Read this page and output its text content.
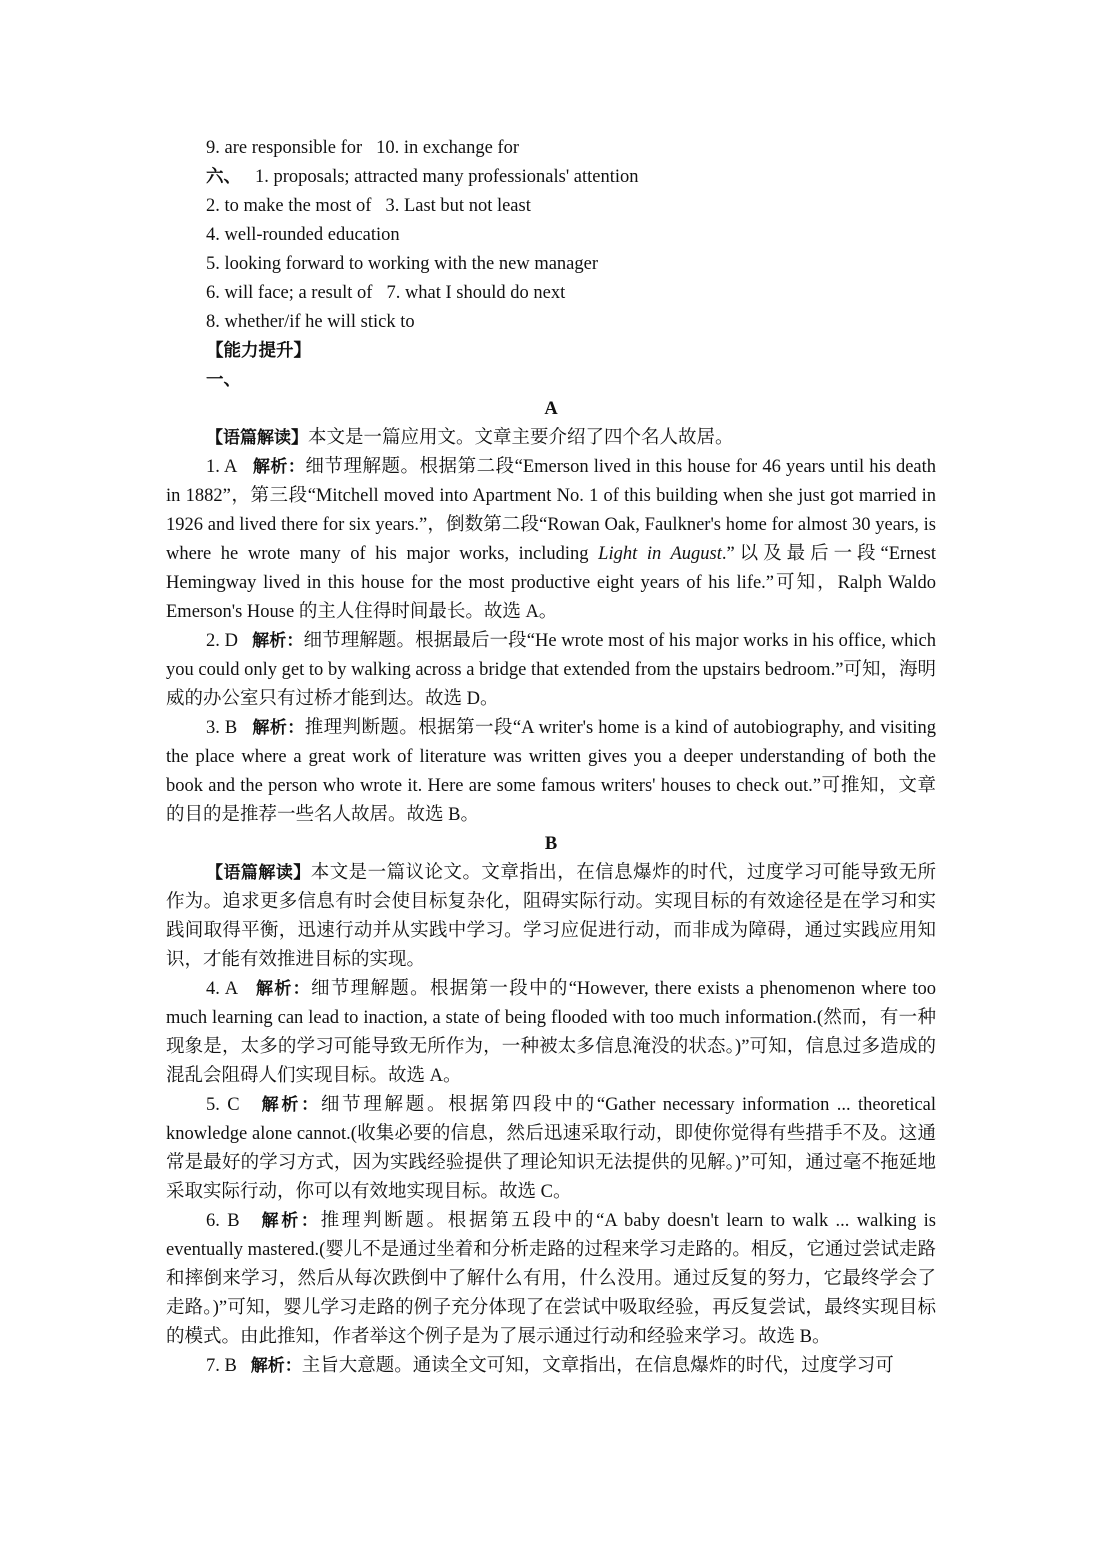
9. are responsible for 10. in exchange for
六、 1. proposals; attracted many professionals' attention
2. to make the most of 3. Last but not least
4. well-rounded education
5. looking forward to working with the new manager
6. will face; a result of 7. what I should do next
8. whether/if he will stick to
【能力提升】
一、
A

【语篇解读】本文是一篇应用文。文章主要介绍了四个名人故居。

1. A 解析：细节理解题。根据第二段“Emerson lived in this house for 46 years until his death in 1882”，第三段“Mitchell moved into Apartment No. 1 of this building when she just got married in 1926 and lived there for six years.”，倒数第二段“Rowan Oak, Faulkner's home for almost 30 years, is where he wrote many of his major works, including Light in August.”以及最后一段“Ernest Hemingway lived in this house for the most productive eight years of his life.”可知，Ralph Waldo Emerson's House 的主人住得时间最长。故选 A。

2. D 解析：细节理解题。根据最后一段“He wrote most of his major works in his office, which you could only get to by walking across a bridge that extended from the upstairs bedroom.”可知，海明威的办公室只有过桥才能到达。故选 D。

3. B 解析：推理判断题。根据第一段“A writer's home is a kind of autobiography, and visiting the place where a great work of literature was written gives you a deeper understanding of both the book and the person who wrote it. Here are some famous writers' houses to check out.”可推知，文章的目的是推荐一些名人故居。故选 B。

B

【语篇解读】本文是一篇议论文。文章指出，在信息爆炸的时代，过度学习可能导致无所作为。追求更多信息有时会使目标复杂化，阻碍实际行动。实现目标的有效途径是在学习和实践间取得平衡，迅速行动并从实践中学习。学习应促进行动，而非成为障碍，通过实践应用知识，才能有效推进目标的实现。

4. A 解析：细节理解题。根据第一段中的“However, there exists a phenomenon where too much learning can lead to inaction, a state of being flooded with too much information.(然而，有一种现象是，太多的学习可能导致无所作为，一种被太多信息淹没的状态。)”可知，信息过多造成的混乱会阻碍人们实现目标。故选 A。

5. C 解析：细节理解题。根据第四段中的“Gather necessary information ... theoretical knowledge alone cannot.(收集必要的信息，然后迅速采取行动，即使你觉得有些措手不及。这通常是最好的学习方式，因为实践经验提供了理论知识无法提供的见解。)”可知，通过毫不拖延地采取实际行动，你可以有效地实现目标。故选 C。

6. B 解析：推理判断题。根据第五段中的“A baby doesn't learn to walk ... walking is eventually mastered.(婴儿不是通过坐着和分析走路的过程来学习走路的。相反，它通过尝试走路和摔倒来学习，然后从每次跌倒中了解什么有用，什么没用。通过反复的努力，它最终学会了走路。)”可知，婴儿学习走路的例子充分体现了在尝试中吸取经验，再反复尝试，最终实现目标的模式。由此推知，作者举这个例子是为了展示通过行动和经验来学习。故选 B。

7. B 解析：主旨大意题。通读全文可知，文章指出，在信息爆炸的时代，过度学习可
